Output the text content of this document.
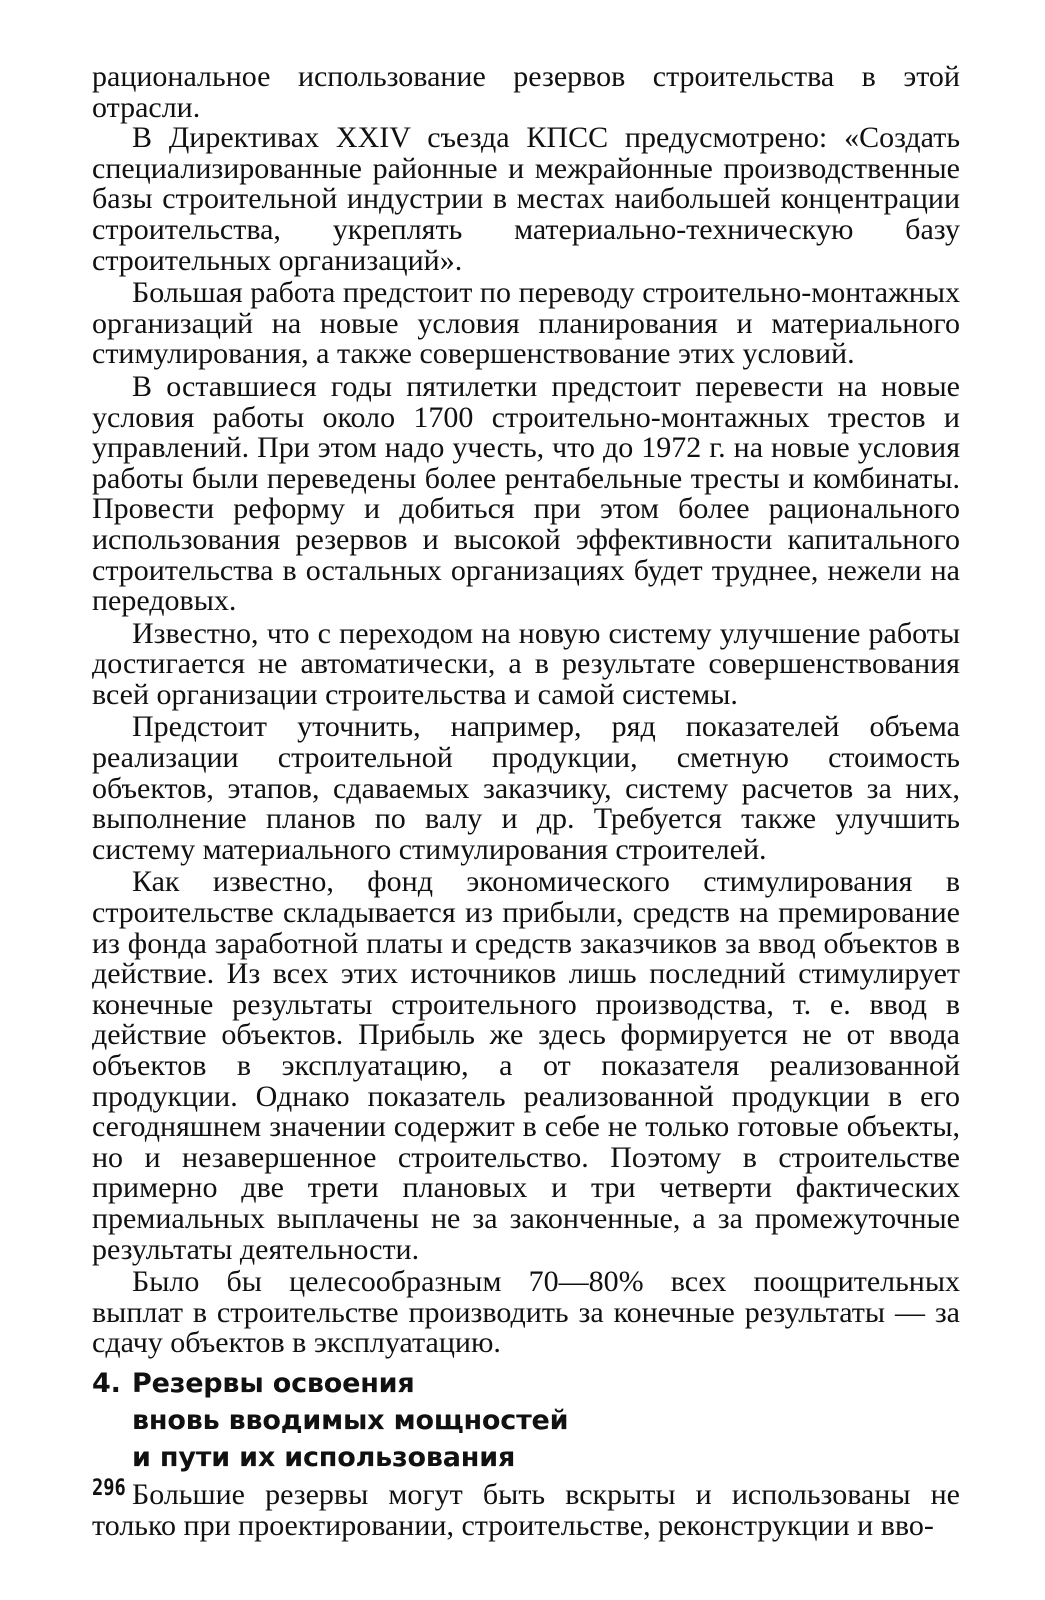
рациональное использование резервов строительства в этой отрасли.

В Директивах XXIV съезда КПСС предусмотрено: «Создать специализированные районные и межрайонные производственные базы строительной индустрии в местах наибольшей концентрации строительства, укреплять материально-техническую базу строительных организаций».

Большая работа предстоит по переводу строительно-монтажных организаций на новые условия планирования и материального стимулирования, а также совершенствование этих условий.

В оставшиеся годы пятилетки предстоит перевести на новые условия работы около 1700 строительно-монтажных трестов и управлений. При этом надо учесть, что до 1972 г. на новые условия работы были переведены более рентабельные тресты и комбинаты. Провести реформу и добиться при этом более рационального использования резервов и высокой эффективности капитального строительства в остальных организациях будет труднее, нежели на передовых.

Известно, что с переходом на новую систему улучшение работы достигается не автоматически, а в результате совершенствования всей организации строительства и самой системы.

Предстоит уточнить, например, ряд показателей объема реализации строительной продукции, сметную стоимость объектов, этапов, сдаваемых заказчику, систему расчетов за них, выполнение планов по валу и др. Требуется также улучшить систему материального стимулирования строителей.

Как известно, фонд экономического стимулирования в строительстве складывается из прибыли, средств на премирование из фонда заработной платы и средств заказчиков за ввод объектов в действие. Из всех этих источников лишь последний стимулирует конечные результаты строительного производства, т. е. ввод в действие объектов. Прибыль же здесь формируется не от ввода объектов в эксплуатацию, а от показателя реализованной продукции. Однако показатель реализованной продукции в его сегодняшнем значении содержит в себе не только готовые объекты, но и незавершенное строительство. Поэтому в строительстве примерно две трети плановых и три четверти фактических премиальных выплачены не за законченные, а за промежуточные результаты деятельности.

Было бы целесообразным 70—80% всех поощрительных выплат в строительстве производить за конечные результаты — за сдачу объектов в эксплуатацию.

4. Резервы освоения
вновь вводимых мощностей
и пути их использования

Большие резервы могут быть вскрыты и использованы не только при проектировании, строительстве, реконструкции и вво-

296
